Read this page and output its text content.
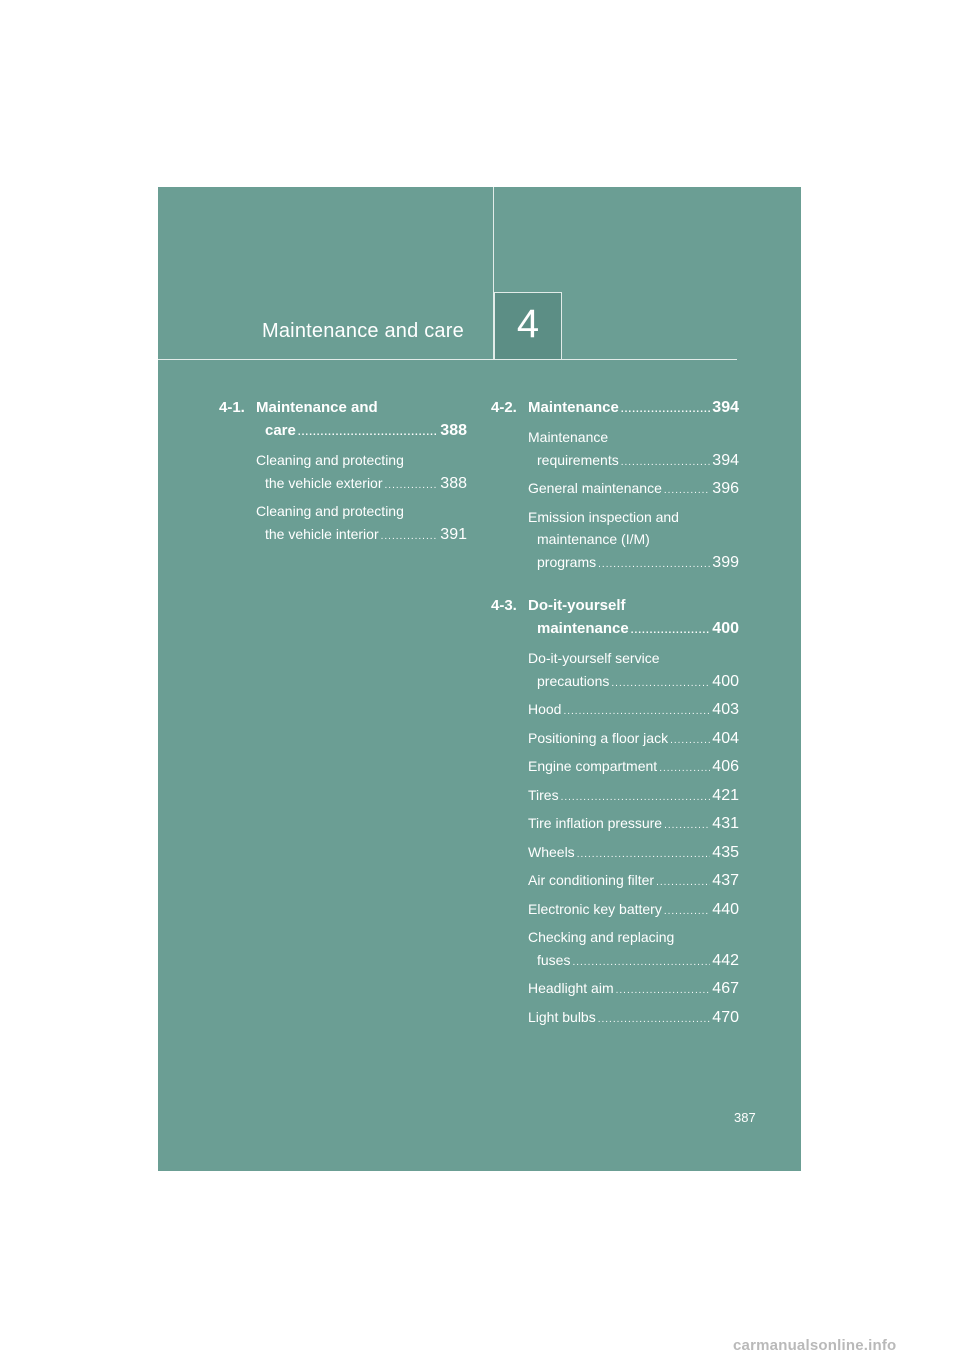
4
Maintenance and care
4-1. Maintenance and
care .....	388
Cleaning and protecting
the vehicle exterior .....	388
Cleaning and protecting
the vehicle interior .....	391
4-2. Maintenance .....	394
Maintenance
requirements .....	394
General maintenance .....	396
Emission inspection and
maintenance (I/M)
programs .....	399
4-3. Do-it-yourself
maintenance .....	400
Do-it-yourself service
precautions .....	400
Hood .....	403
Positioning a floor jack .....	404
Engine compartment .....	406
Tires .....	421
Tire inflation pressure .....	431
Wheels .....	435
Air conditioning filter .....	437
Electronic key battery .....	440
Checking and replacing
fuses .....	442
Headlight aim .....	467
Light bulbs .....	470
387
carmanualsonline.info
